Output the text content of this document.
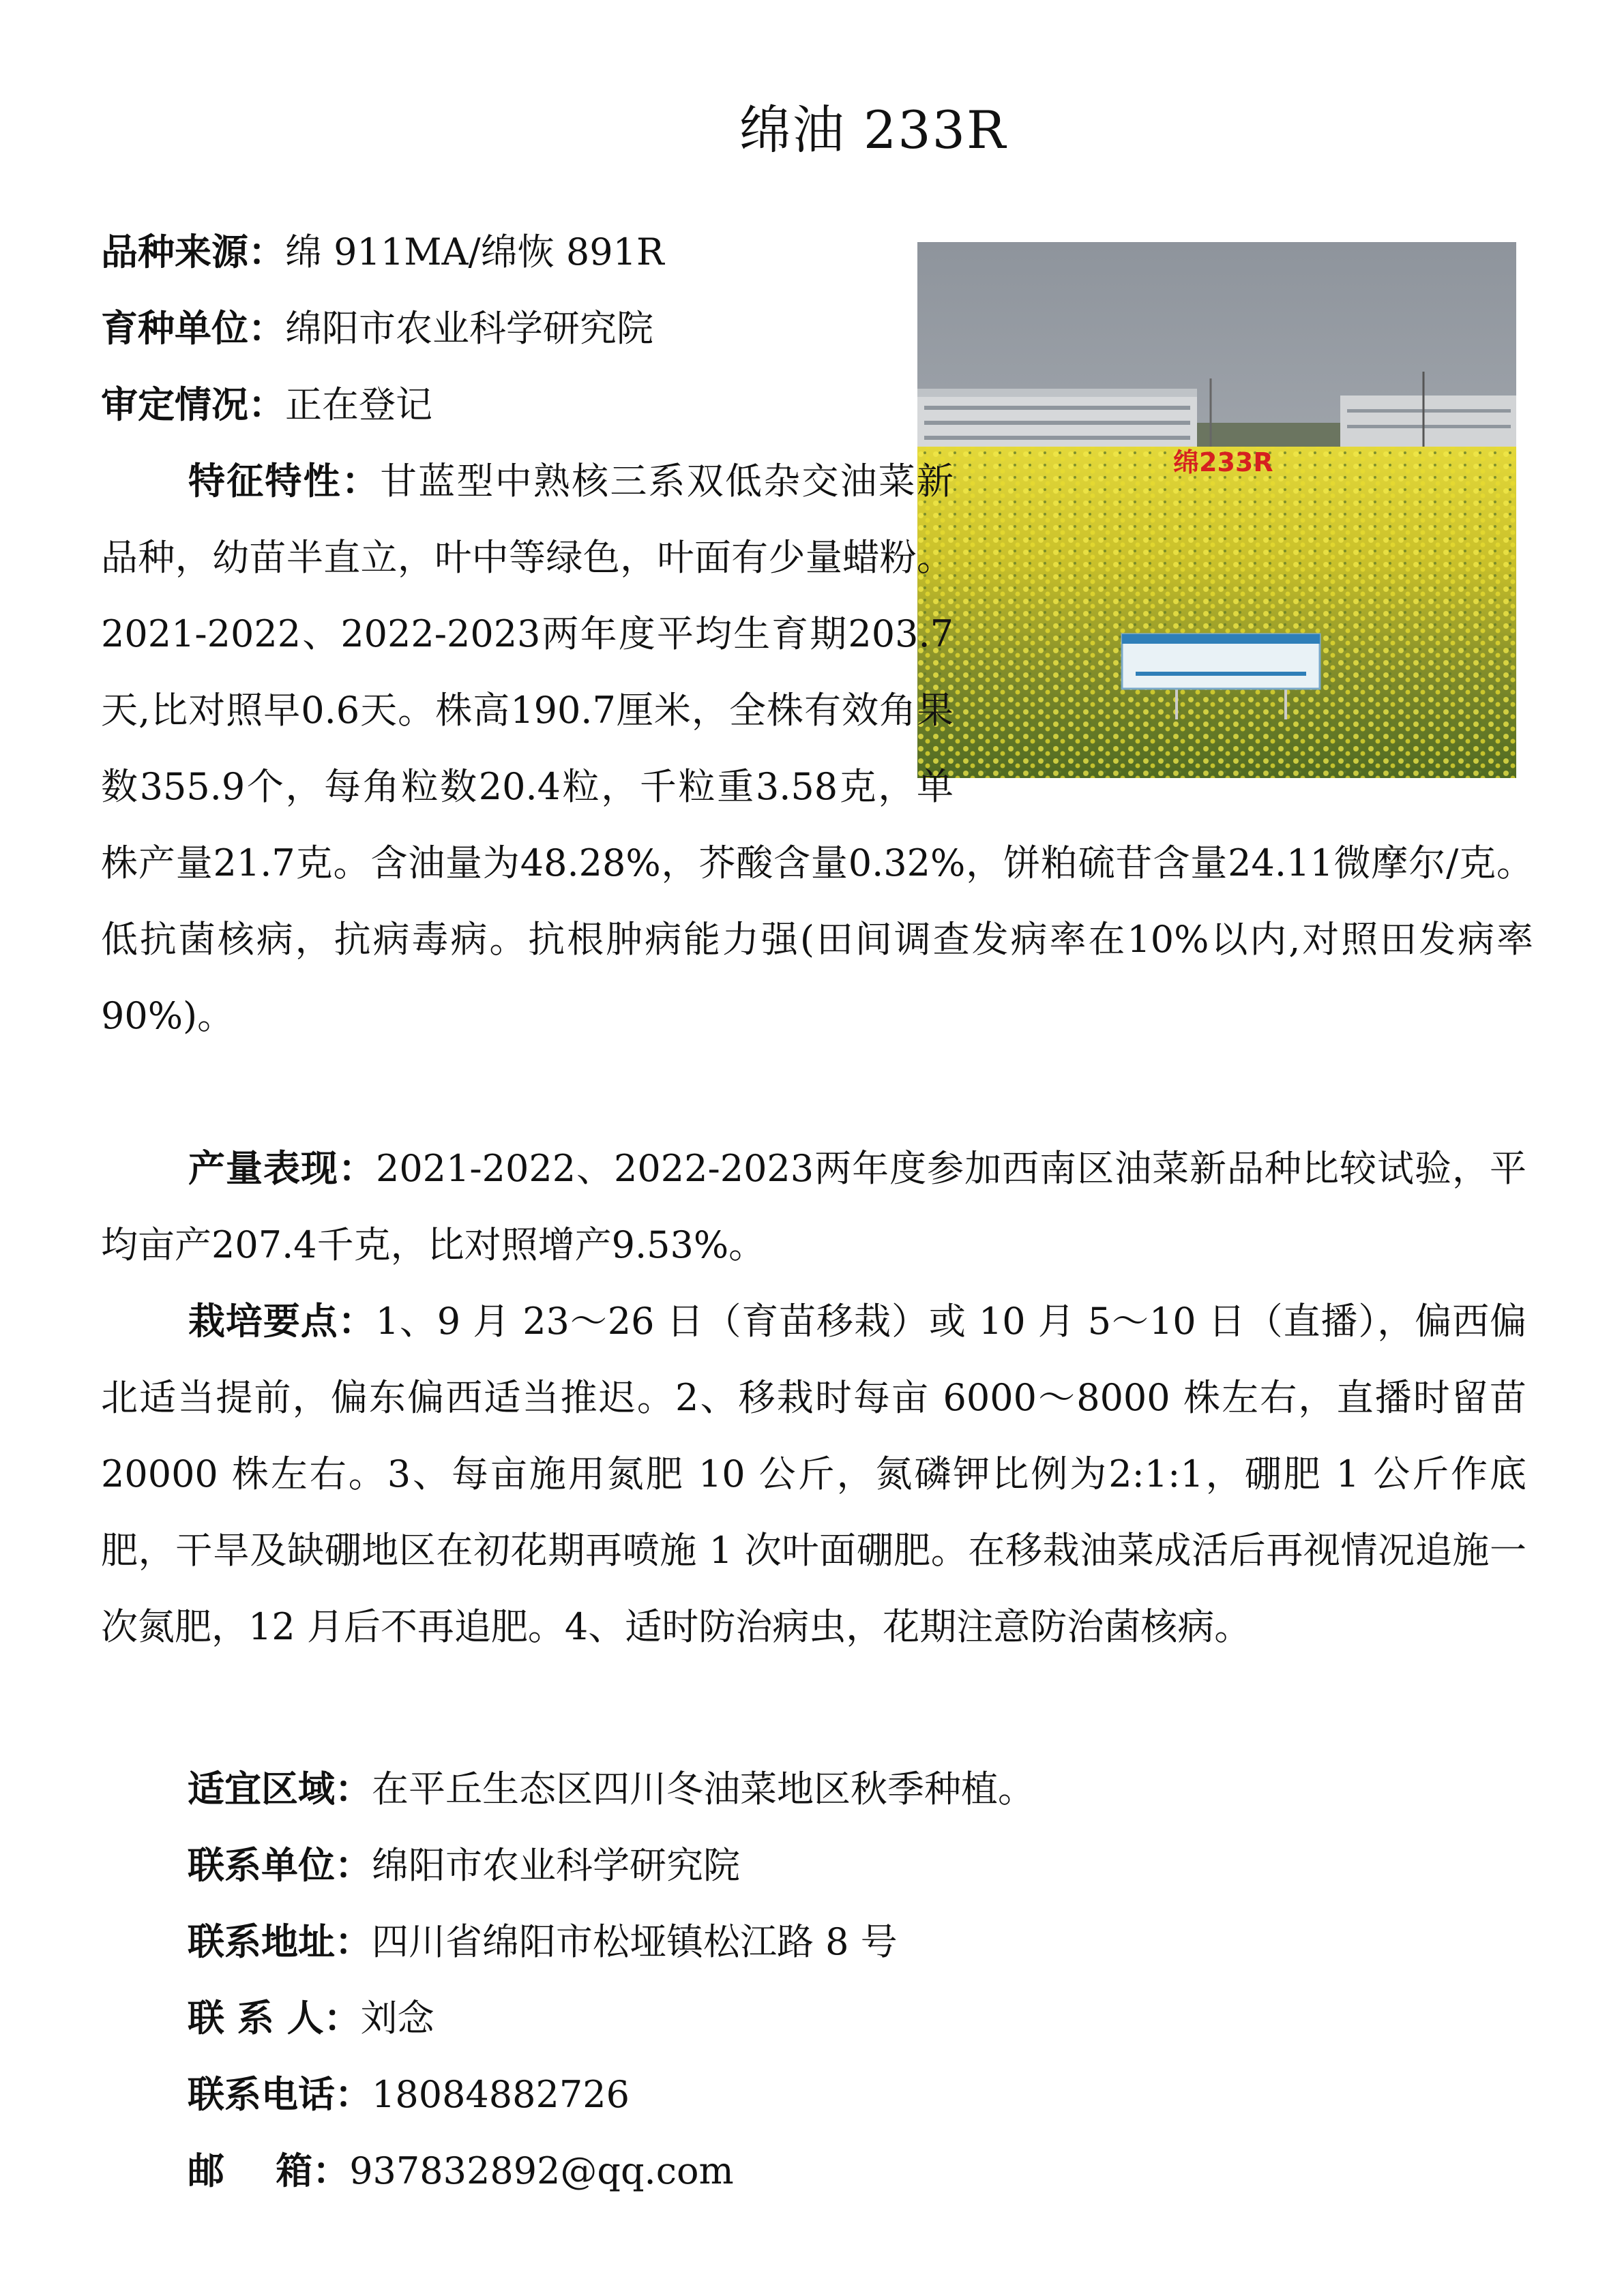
绵油 233R
绵233R
品种来源：绵 911MA/绵恢 891R
育种单位：绵阳市农业科学研究院
审定情况：正在登记
特征特性：甘蓝型中熟核三系双低杂交油菜新品种，幼苗半直立，叶中等绿色，叶面有少量蜡粉。2021-2022、2022-2023两年度平均生育期203.7天,比对照早0.6天。株高190.7厘米，全株有效角果数355.9个，每角粒数20.4粒，千粒重3.58克，单株产量21.7克。含油量为48.28%，芥酸含量0.32%，饼粕硫苷含量24.11微摩尔/克。低抗菌核病，抗病毒病。抗根肿病能力强(田间调查发病率在10%以内,对照田发病率90%)。
产量表现：2021-2022、2022-2023两年度参加西南区油菜新品种比较试验，平均亩产207.4千克，比对照增产9.53%。
栽培要点：1、9 月 23～26 日（育苗移栽）或 10 月 5～10 日（直播），偏西偏北适当提前，偏东偏西适当推迟。2、移栽时每亩 6000～8000 株左右，直播时留苗 20000 株左右。3、每亩施用氮肥 10 公斤，氮磷钾比例为2:1:1，硼肥 1 公斤作底肥，干旱及缺硼地区在初花期再喷施 1 次叶面硼肥。在移栽油菜成活后再视情况追施一次氮肥，12 月后不再追肥。4、适时防治病虫，花期注意防治菌核病。
适宜区域：在平丘生态区四川冬油菜地区秋季种植。
联系单位：绵阳市农业科学研究院
联系地址：四川省绵阳市松垭镇松江路 8 号
联 系 人：刘念
联系电话：18084882726
邮    箱：937832892@qq.com
